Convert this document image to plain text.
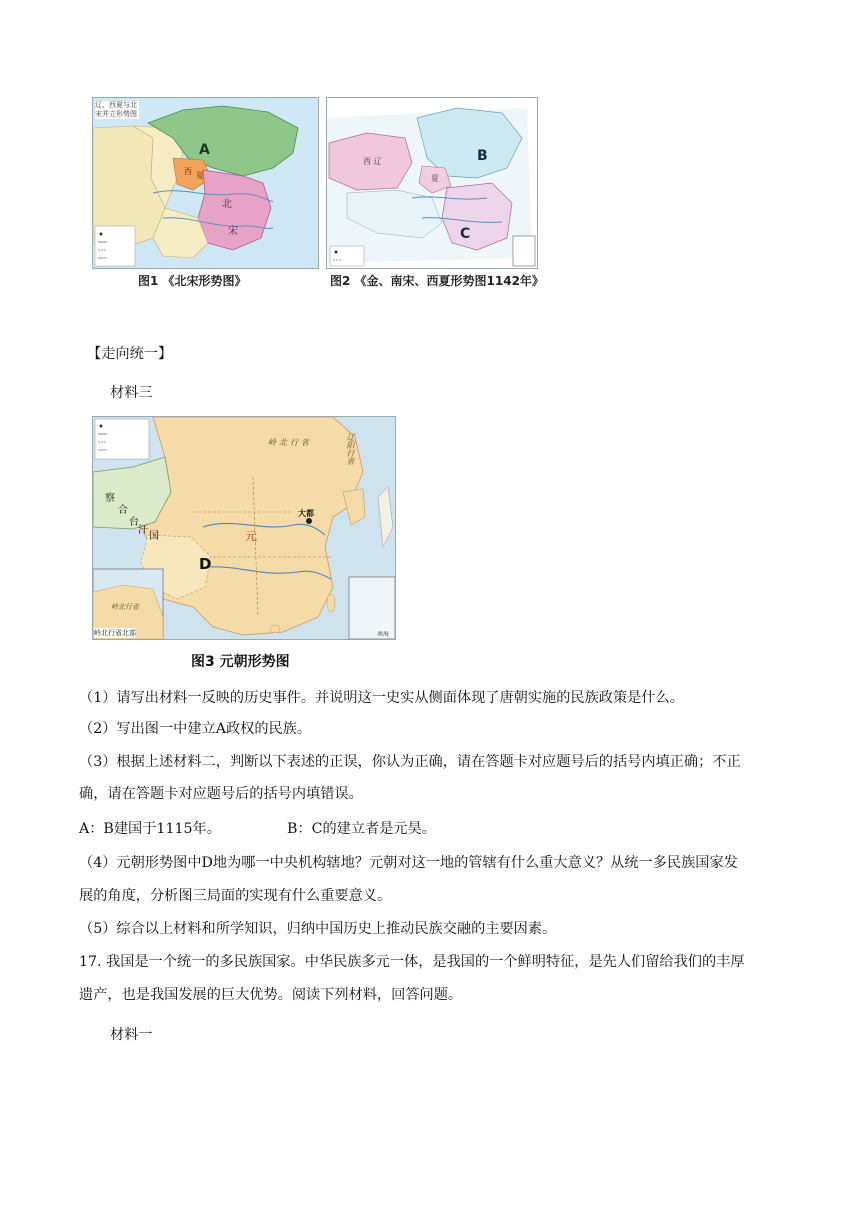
辽、西夏与北宋并立形势图
A
西 夏
北
宋
图1 《北宋形势图》
西 辽	B
夏
C
图2 《金、南宋、西夏形势图1142年》
【走向统一】
材料三
察
合
台
汗
国
岭北行省	辽阳行省
大都
元
D
岭北行省
岭北行省北部	南海
图3 元朝形势图
（1）请写出材料一反映的历史事件。并说明这一史实从侧面体现了唐朝实施的民族政策是什么。
（2）写出图一中建立A政权的民族。
（3）根据上述材料二，判断以下表述的正误，你认为正确，请在答题卡对应题号后的括号内填正确；不正
确，请在答题卡对应题号后的括号内填错误。
A：B建国于1115年。	B：C的建立者是元昊。
（4）元朝形势图中D地为哪一中央机构辖地？元朝对这一地的管辖有什么重大意义？从统一多民族国家发
展的角度，分析图三局面的实现有什么重要意义。
（5）综合以上材料和所学知识，归纳中国历史上推动民族交融的主要因素。
17. 我国是一个统一的多民族国家。中华民族多元一体，是我国的一个鲜明特征，是先人们留给我们的丰厚
遗产，也是我国发展的巨大优势。阅读下列材料，回答问题。
材料一
